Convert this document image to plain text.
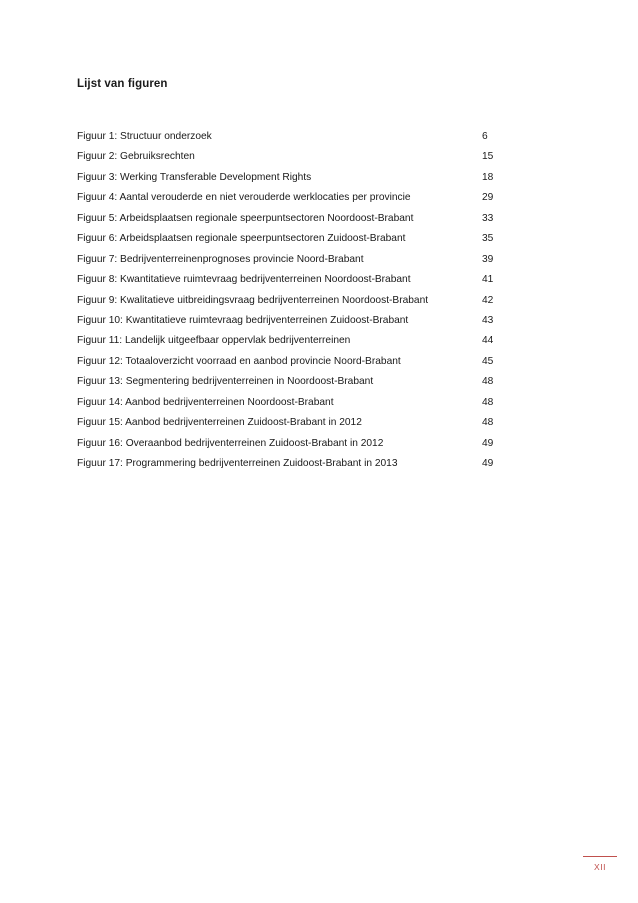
Lijst van figuren
Figuur 1: Structuur onderzoek	6
Figuur 2: Gebruiksrechten	15
Figuur 3: Werking Transferable Development Rights	18
Figuur 4: Aantal verouderde en niet verouderde werklocaties per provincie	29
Figuur 5: Arbeidsplaatsen regionale speerpuntsectoren Noordoost-Brabant	33
Figuur 6: Arbeidsplaatsen regionale speerpuntsectoren Zuidoost-Brabant	35
Figuur 7: Bedrijventerreinenprognoses provincie Noord-Brabant	39
Figuur 8: Kwantitatieve ruimtevraag bedrijventerreinen Noordoost-Brabant	41
Figuur 9: Kwalitatieve uitbreidingsvraag bedrijventerreinen Noordoost-Brabant	42
Figuur 10: Kwantitatieve ruimtevraag bedrijventerreinen Zuidoost-Brabant	43
Figuur 11: Landelijk uitgeefbaar oppervlak bedrijventerreinen	44
Figuur 12: Totaaloverzicht voorraad en aanbod provincie Noord-Brabant	45
Figuur 13: Segmentering bedrijventerreinen in Noordoost-Brabant	48
Figuur 14: Aanbod bedrijventerreinen Noordoost-Brabant	48
Figuur 15: Aanbod bedrijventerreinen Zuidoost-Brabant in 2012	48
Figuur 16: Overaanbod bedrijventerreinen Zuidoost-Brabant in 2012	49
Figuur 17: Programmering bedrijventerreinen Zuidoost-Brabant in 2013	49
XII
